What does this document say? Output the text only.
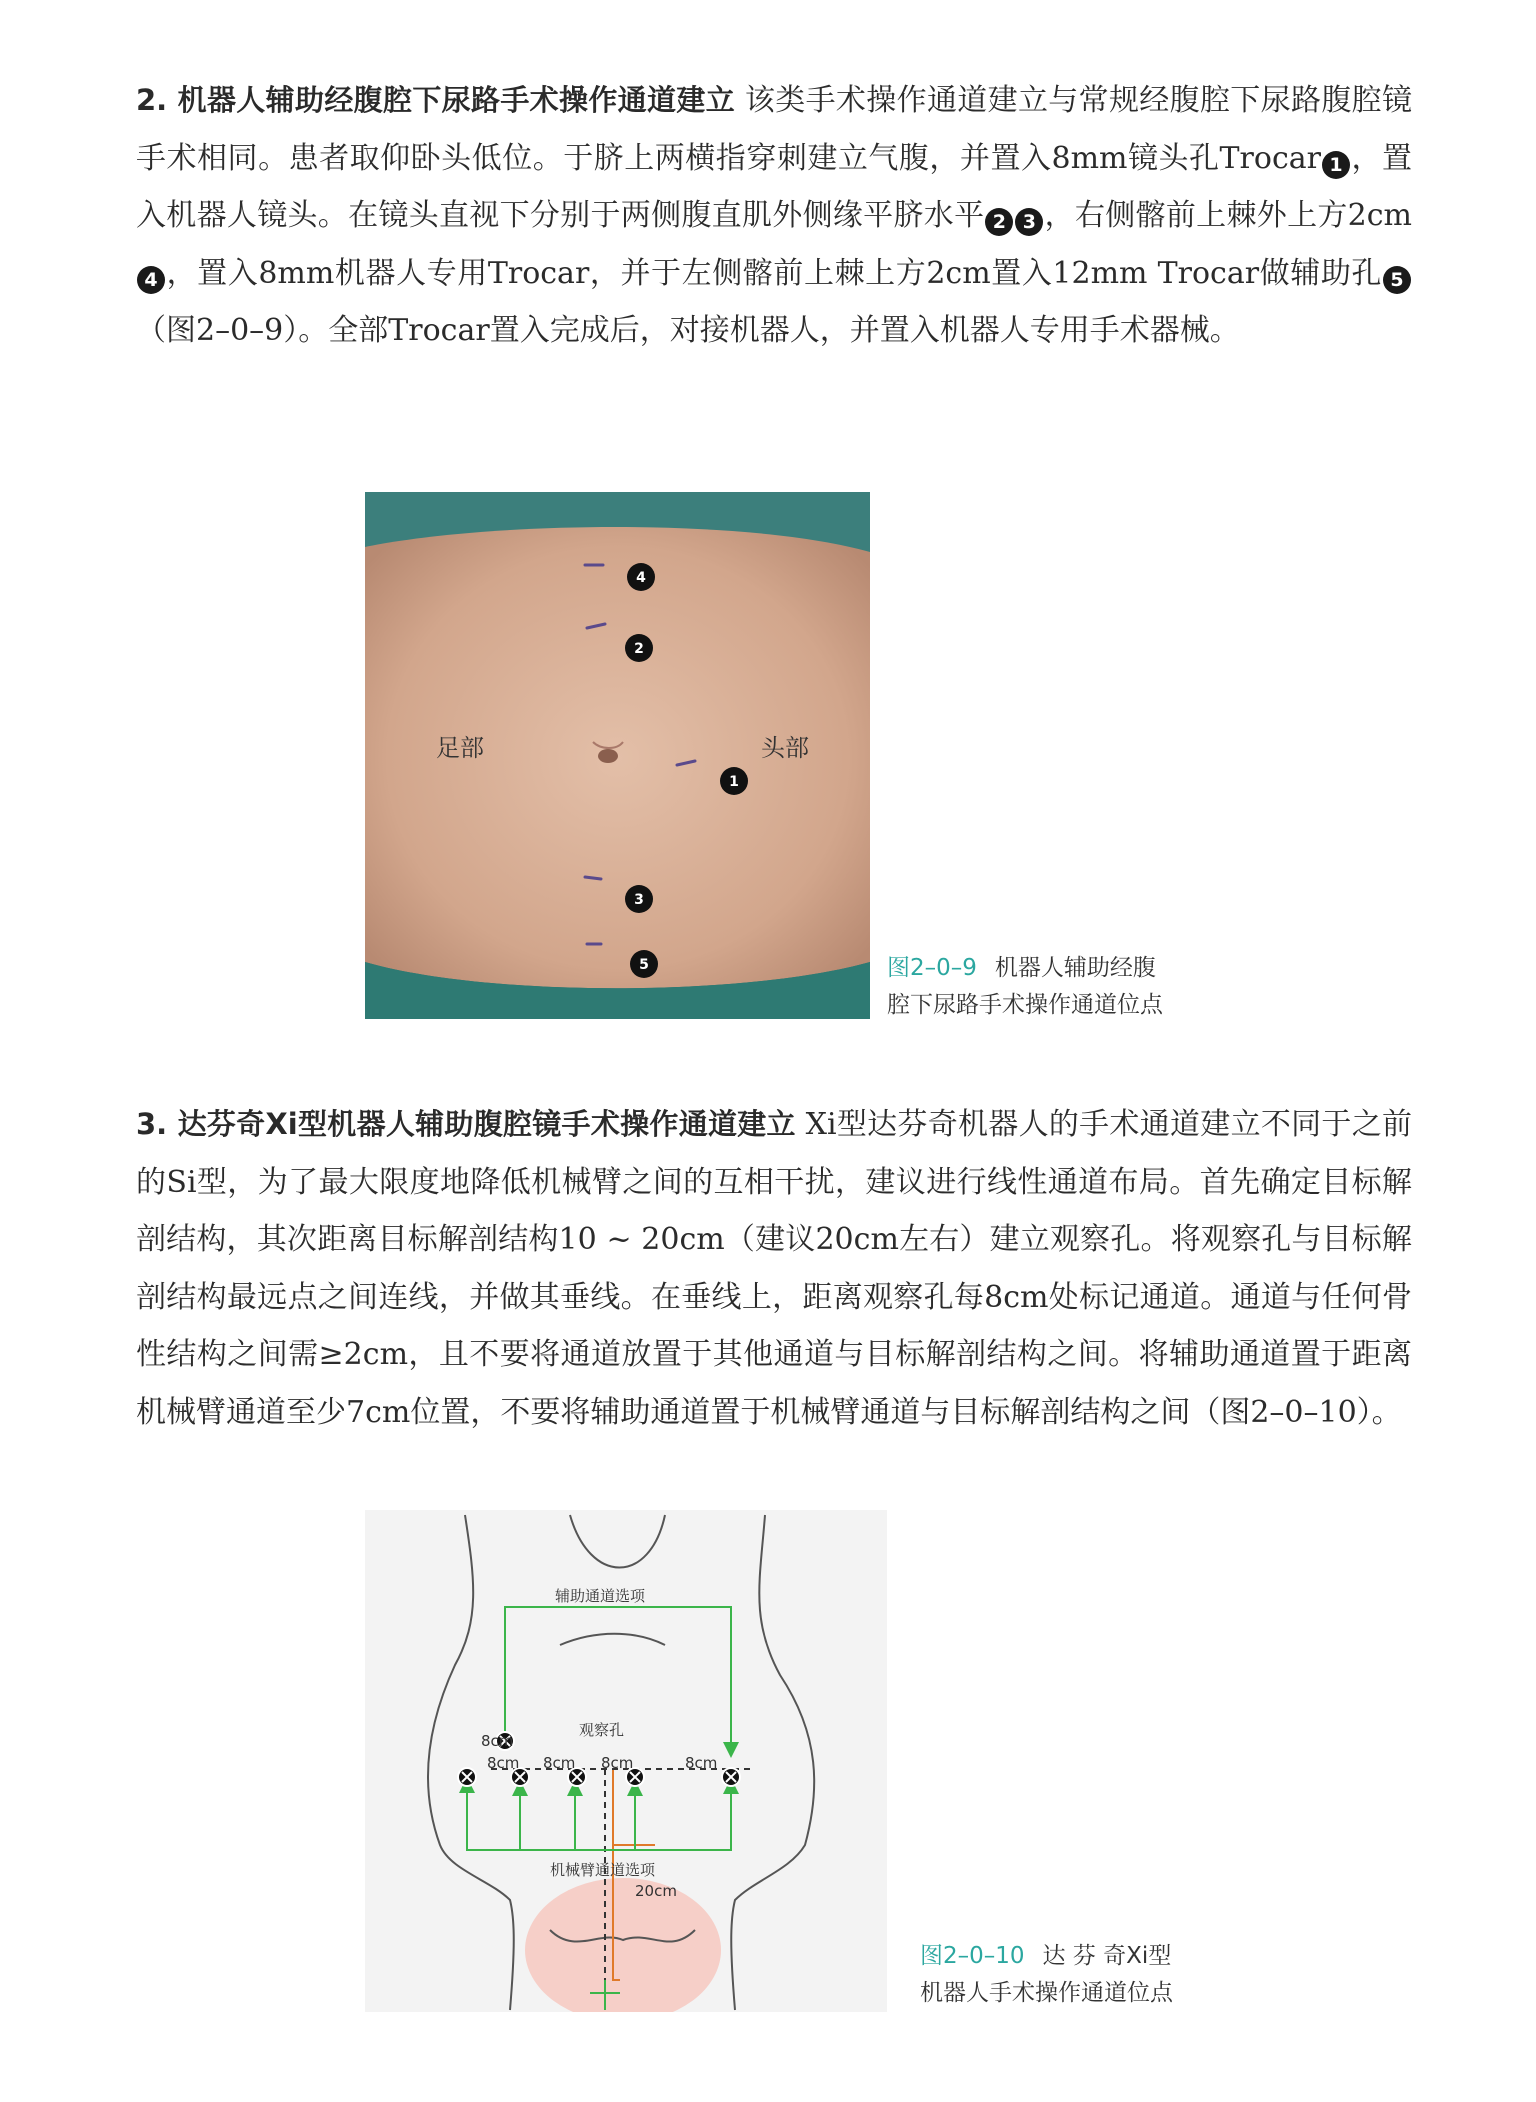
2. 机器人辅助经腹腔下尿路手术操作通道建立 该类手术操作通道建立与常规经腹腔下尿路腹腔镜手术相同。患者取仰卧头低位。于脐上两横指穿刺建立气腹，并置入8mm镜头孔Trocar 1 ，置入机器人镜头。在镜头直视下分别于两侧腹直肌外侧缘平脐水平 2 3 ，右侧髂前上棘外上方2cm4 ，置入8mm机器人专用Trocar，并于左侧髂前上棘上方2cm置入12mm Trocar做辅助孔 5（图2–0–9）。全部Trocar置入完成后，对接机器人，并置入机器人专用手术器械。

4
2
1
3
5
足部	头部
图2–0–9 机器人辅助经腹
腔下尿路手术操作通道位点

3. 达芬奇Xi型机器人辅助腹腔镜手术操作通道建立 Xi型达芬奇机器人的手术通道建立不同于之前的Si型，为了最大限度地降低机械臂之间的互相干扰，建议进行线性通道布局。首先确定目标解剖结构，其次距离目标解剖结构10 ~ 20cm（建议20cm左右）建立观察孔。将观察孔与目标解剖结构最远点之间连线，并做其垂线。在垂线上，距离观察孔每8cm处标记通道。通道与任何骨性结构之间需≥2cm，且不要将通道放置于其他通道与目标解剖结构之间。将辅助通道置于距离机械臂通道至少7cm位置，不要将辅助通道置于机械臂通道与目标解剖结构之间（图2–0–10）。

辅助通道选项
观察孔
机械臂通道选项
8cm
8cm 8cm 8cm	8cm
20cm
图2–0–10 达 芬 奇Xi型
机器人手术操作通道位点
